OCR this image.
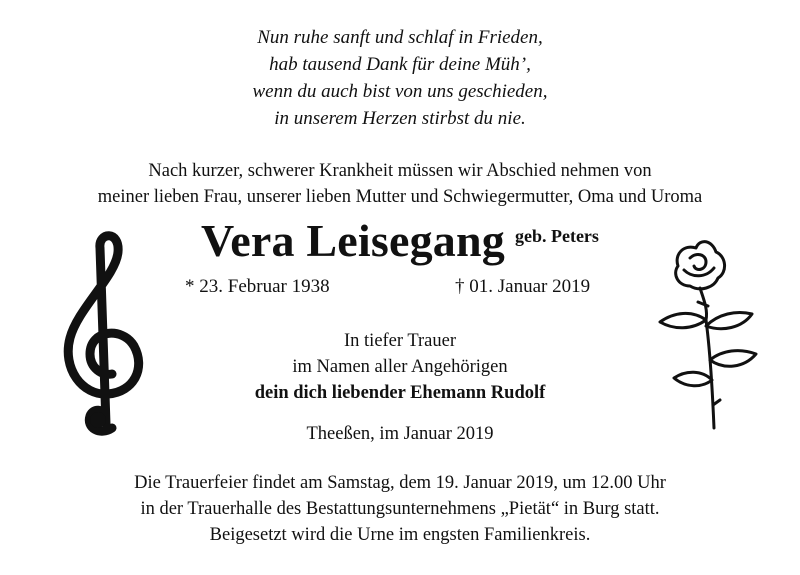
Nun ruhe sanft und schlaf in Frieden,
hab tausend Dank für deine Müh’,
wenn du auch bist von uns geschieden,
in unserem Herzen stirbst du nie.
Nach kurzer, schwerer Krankheit müssen wir Abschied nehmen von
meiner lieben Frau, unserer lieben Mutter und Schwiegermutter, Oma und Uroma
Vera Leisegang geb. Peters
* 23. Februar 1938	† 01. Januar 2019
In tiefer Trauer
im Namen aller Angehörigen
dein dich liebender Ehemann Rudolf
Theeßen, im Januar 2019
Die Trauerfeier findet am Samstag, dem 19. Januar 2019, um 12.00 Uhr
in der Trauerhalle des Bestattungsunternehmens „Pietät“ in Burg statt.
Beigesetzt wird die Urne im engsten Familienkreis.
